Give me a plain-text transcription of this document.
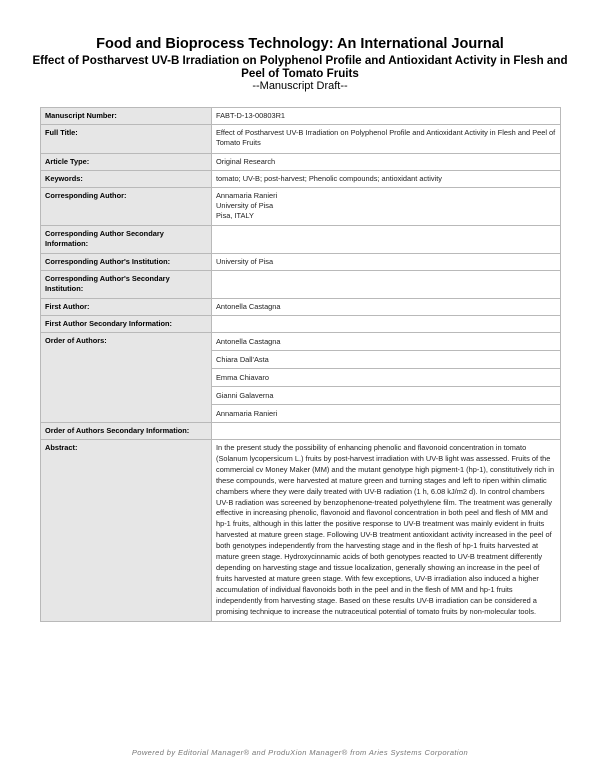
Food and Bioprocess Technology: An International Journal
Effect of Postharvest UV-B Irradiation on Polyphenol Profile and Antioxidant Activity in Flesh and Peel of Tomato Fruits
--Manuscript Draft--
Manuscript Number:	FABT-D-13-00803R1
Full Title:	Effect of Postharvest UV-B Irradiation on Polyphenol Profile and Antioxidant Activity in Flesh and Peel of Tomato Fruits
Article Type:	Original Research
Keywords:	tomato; UV-B; post-harvest; Phenolic compounds; antioxidant activity
Corresponding Author:	Annamaria Ranieri
University of Pisa
Pisa, ITALY

Corresponding Author Secondary Information:	
Corresponding Author's Institution:	University of Pisa
Corresponding Author's Secondary Institution:	
First Author:	Antonella Castagna
First Author Secondary Information:	
Order of Authors:	Antonella Castagna
Chiara Dall'Asta
Emma Chiavaro
Gianni Galaverna
Annamaria Ranieri

Order of Authors Secondary Information:	
Abstract:	In the present study the possibility of enhancing phenolic and flavonoid concentration in tomato (Solanum lycopersicum L.) fruits by post-harvest irradiation with UV-B light was assessed. Fruits of the commercial cv Money Maker (MM) and the mutant genotype high pigment-1 (hp-1), constitutively rich in these compounds, were harvested at mature green and turning stages and left to ripen within climatic chambers where they were daily treated with UV-B radiation (1 h, 6.08 kJ/m2 d). In control chambers UV-B radiation was screened by benzophenone-treated polyethylene film. The treatment was generally effective in increasing phenolic, flavonoid and flavonol concentration in both peel and flesh of MM and hp-1 fruits, although in this latter the positive response to UV-B treatment was mainly evident in fruits harvested at mature green stage. Following UV-B treatment antioxidant activity increased in the peel of both genotypes independently from the harvesting stage and in the flesh of hp-1 fruits harvested at mature green stage. Hydroxycinnamic acids of both genotypes reacted to UV-B treatment differently depending on harvesting stage and tissue localization, generally showing an increase in the peel of fruits harvested at mature green stage. With few exceptions, UV-B irradiation also induced a higher accumulation of individual flavonoids both in the peel and in the flesh of MM and hp-1 fruits independently from harvesting stage. Based on these results UV-B irradiation can be considered a promising technique to increase the nutraceutical potential of tomato fruits by non-molecular tools.
Powered by Editorial Manager® and ProduXion Manager® from Aries Systems Corporation
